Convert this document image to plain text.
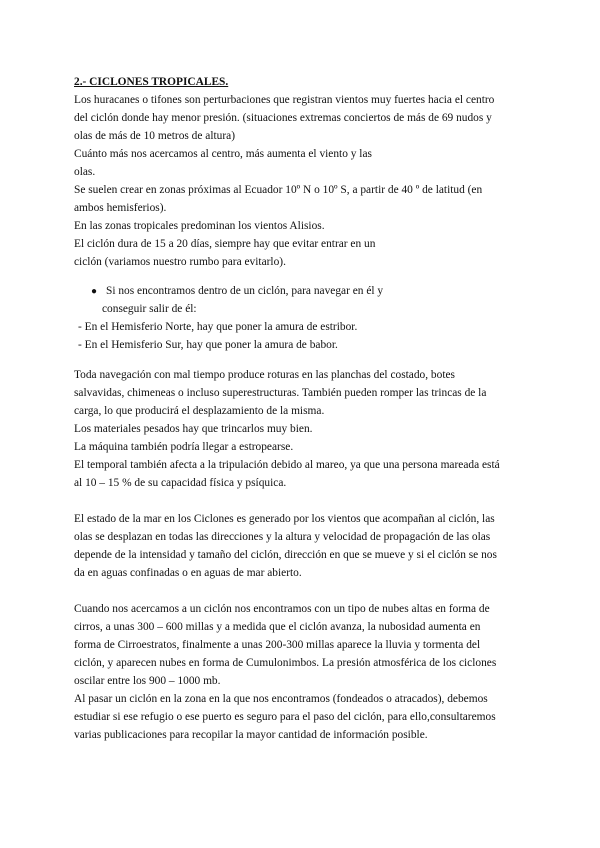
2.- CICLONES TROPICALES.
Los huracanes o tifones son perturbaciones que registran vientos muy fuertes hacia el centro
del ciclón donde hay menor presión. (situaciones extremas conciertos de más de 69 nudos y
olas de más de 10 metros de altura)
Cuánto más nos acercamos al centro, más aumenta el viento y las
olas.
Se suelen crear en zonas próximas al Ecuador 10º N o 10º S, a partir de 40 º de latitud (en
ambos hemisferios).
En las zonas tropicales predominan los vientos Alisios.
El ciclón dura de 15 a 20 días, siempre hay que evitar entrar en un
ciclón (variamos nuestro rumbo para evitarlo).
● Si nos encontramos dentro de un ciclón, para navegar en él y
conseguir salir de él:
- En el Hemisferio Norte, hay que poner la amura de estribor.
- En el Hemisferio Sur, hay que poner la amura de babor.
Toda navegación con mal tiempo produce roturas en las planchas del costado, botes
salvavidas, chimeneas o incluso superestructuras. También pueden romper las trincas de la
carga, lo que producirá el desplazamiento de la misma.
Los materiales pesados hay que trincarlos muy bien.
La máquina también podría llegar a estropearse.
El temporal también afecta a la tripulación debido al mareo, ya que una persona mareada está
al 10 – 15 % de su capacidad física y psíquica.
El estado de la mar en los Ciclones es generado por los vientos que acompañan al ciclón, las
olas se desplazan en todas las direcciones y la altura y velocidad de propagación de las olas
depende de la intensidad y tamaño del ciclón, dirección en que se mueve y si el ciclón se nos
da en aguas confinadas o en aguas de mar abierto.
Cuando nos acercamos a un ciclón nos encontramos con un tipo de nubes altas en forma de
cirros, a unas 300 – 600 millas y a medida que el ciclón avanza, la nubosidad aumenta en
forma de Cirroestratos, finalmente a unas 200-300 millas aparece la lluvia y tormenta del
ciclón, y aparecen nubes en forma de Cumulonimbos. La presión atmosférica de los ciclones
oscilar entre los 900 – 1000 mb.
Al pasar un ciclón en la zona en la que nos encontramos (fondeados o atracados), debemos
estudiar si ese refugio o ese puerto es seguro para el paso del ciclón, para ello,consultaremos
varias publicaciones para recopilar la mayor cantidad de información posible.
